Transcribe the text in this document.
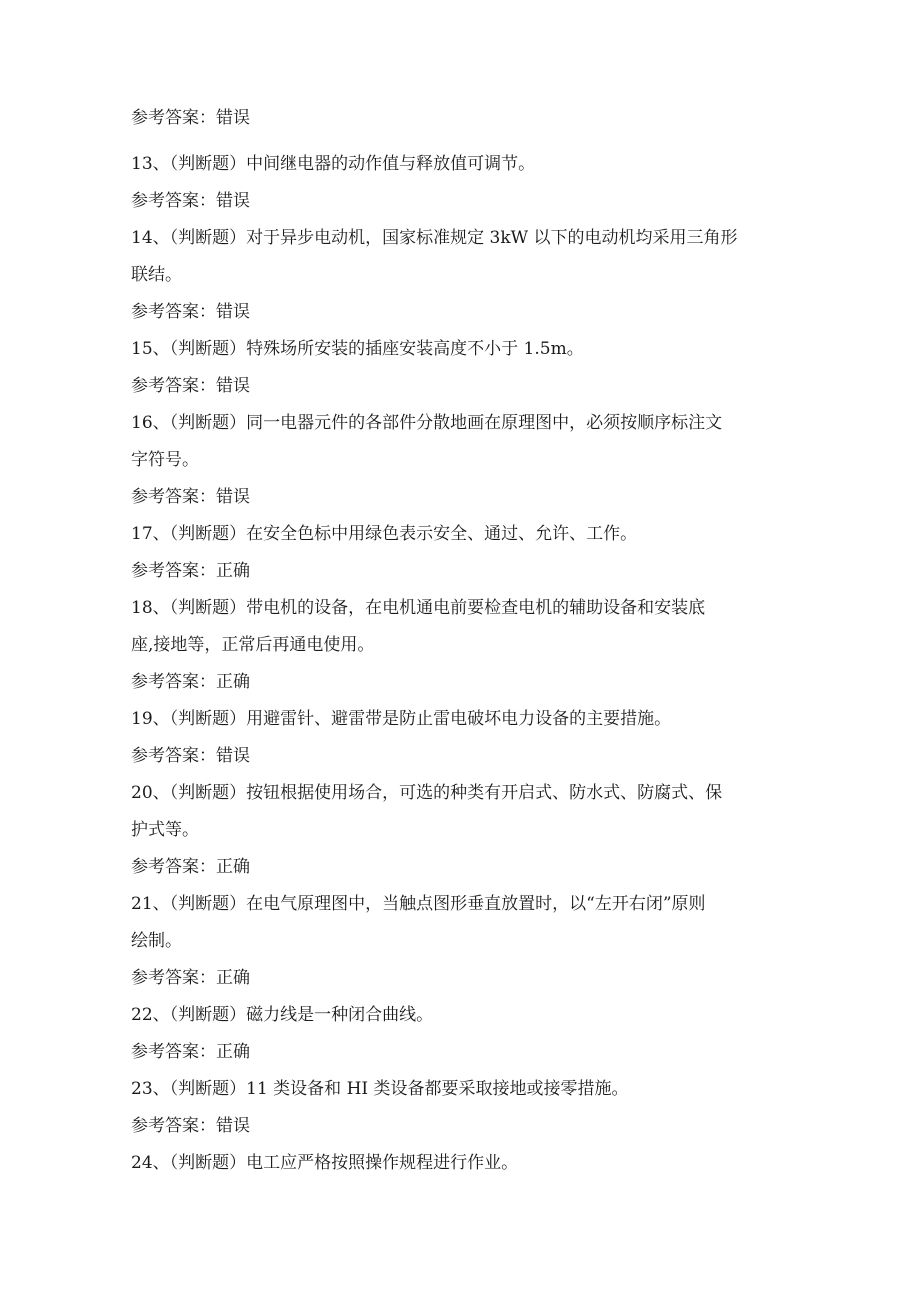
参考答案：错误
13、（判断题）中间继电器的动作值与释放值可调节。
参考答案：错误
14、（判断题）对于异步电动机，国家标准规定 3kW 以下的电动机均采用三角形
联结。
参考答案：错误
15、（判断题）特殊场所安装的插座安装高度不小于 1.5m。
参考答案：错误
16、（判断题）同一电器元件的各部件分散地画在原理图中，必须按顺序标注文
字符号。
参考答案：错误
17、（判断题）在安全色标中用绿色表示安全、通过、允许、工作。
参考答案：正确
18、（判断题）带电机的设备，在电机通电前要检查电机的辅助设备和安装底
座,接地等，正常后再通电使用。
参考答案：正确
19、（判断题）用避雷针、避雷带是防止雷电破坏电力设备的主要措施。
参考答案：错误
20、（判断题）按钮根据使用场合，可选的种类有开启式、防水式、防腐式、保
护式等。
参考答案：正确
21、（判断题）在电气原理图中，当触点图形垂直放置时，以“左开右闭”原则
绘制。
参考答案：正确
22、（判断题）磁力线是一种闭合曲线。
参考答案：正确
23、（判断题）11 类设备和 HI 类设备都要采取接地或接零措施。
参考答案：错误
24、（判断题）电工应严格按照操作规程进行作业。
